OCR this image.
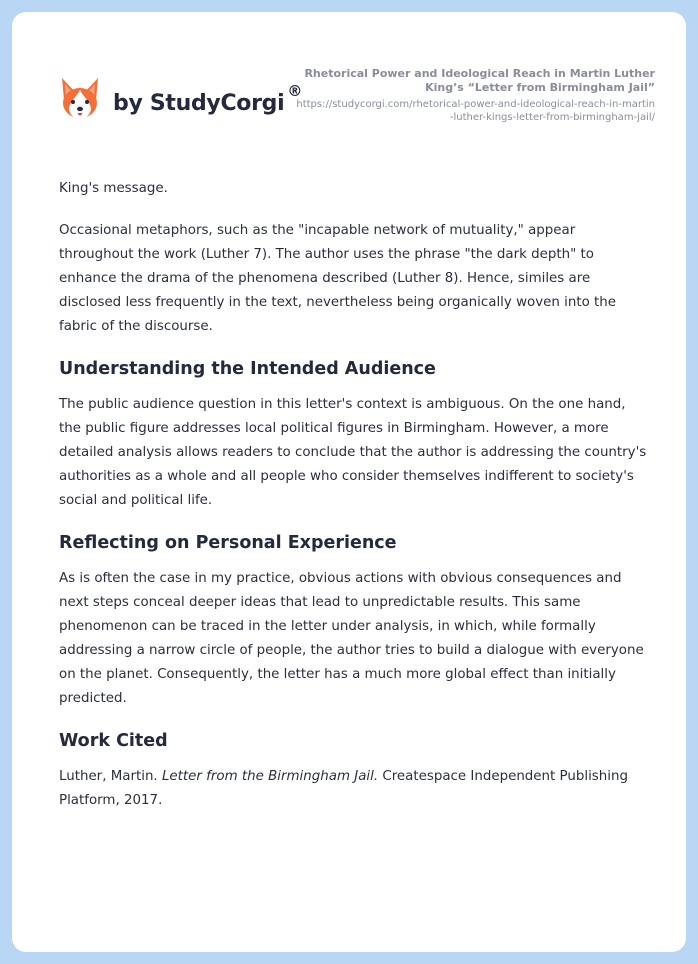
by StudyCorgi ®
Rhetorical Power and Ideological Reach in Martin Luther King’s “Letter from Birmingham Jail”
https://studycorgi.com/rhetorical-power-and-ideological-reach-in-martin-luther-kings-letter-from-birmingham-jail/

King's message.

Occasional metaphors, such as the "incapable network of mutuality," appear throughout the work (Luther 7). The author uses the phrase "the dark depth" to enhance the drama of the phenomena described (Luther 8). Hence, similes are disclosed less frequently in the text, nevertheless being organically woven into the fabric of the discourse.

Understanding the Intended Audience

The public audience question in this letter's context is ambiguous. On the one hand, the public figure addresses local political figures in Birmingham. However, a more detailed analysis allows readers to conclude that the author is addressing the country's authorities as a whole and all people who consider themselves indifferent to society's social and political life.

Reflecting on Personal Experience

As is often the case in my practice, obvious actions with obvious consequences and next steps conceal deeper ideas that lead to unpredictable results. This same phenomenon can be traced in the letter under analysis, in which, while formally addressing a narrow circle of people, the author tries to build a dialogue with everyone on the planet. Consequently, the letter has a much more global effect than initially predicted.

Work Cited

Luther, Martin. Letter from the Birmingham Jail. Createspace Independent Publishing Platform, 2017.
